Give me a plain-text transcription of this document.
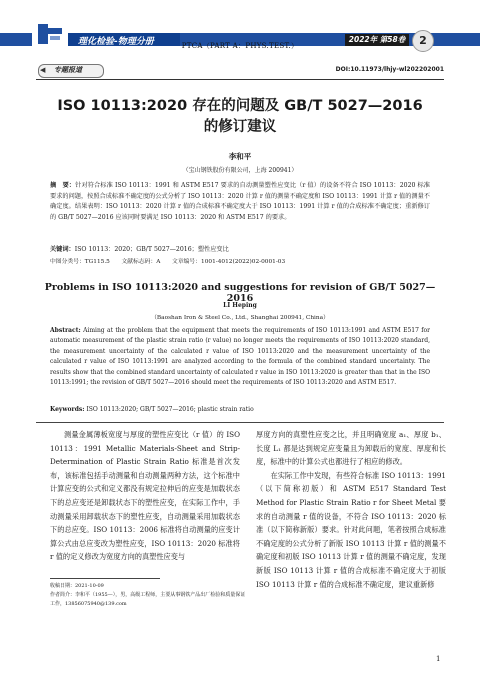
理化检验-物理分册	PTCA（PART A：PHYS.TEST.）
2022年 第58卷	2
◀ 专题报道	DOI:10.11973/lhjy-wl202202001
ISO 10113:2020 存在的问题及 GB/T 5027—2016
的修订建议
李和平
（宝山钢铁股份有限公司，上海 200941）
摘　要：针对符合标准 ISO 10113：1991 和 ASTM E517 要求的自动测量塑性应变比（r 值）的设备不符合 ISO 10113：2020 标准要求的问题，按照合成标准不确定度的公式分析了 ISO 10113：2020 计算 r 值的测量不确定度和 ISO 10113：1991 计算 r 值的测量不确定度。结果表明：ISO 10113：2020 计算 r 值的合成标准不确定度大于 ISO 10113：1991 计算 r 值的合成标准不确定度；重新修订的 GB/T 5027—2016 应该同时要满足 ISO 10113：2020 和 ASTM E517 的要求。
关键词：ISO 10113：2020；GB/T 5027—2016；塑性应变比
中图分类号：TG115.5　　文献标志码：A　　文章编号：1001-4012(2022)02-0001-03
Problems in ISO 10113:2020 and suggestions for revision of GB/T 5027—2016
LI Heping
（Baoshan Iron & Steel Co., Ltd., Shanghai 200941, China）
Abstract: Aiming at the problem that the equipment that meets the requirements of ISO 10113:1991 and ASTM E517 for automatic measurement of the plastic strain ratio (r value) no longer meets the requirements of ISO 10113:2020 standard, the measurement uncertainty of the calculated r value of ISO 10113:2020 and the measurement uncertainty of the calculated r value of ISO 10113:1991 are analyzed according to the formula of the combined standard uncertainty. The results show that the combined standard uncertainty of calculated r value in ISO 10113:2020 is greater than that in the ISO 10113:1991; the revision of GB/T 5027—2016 should meet the requirements of ISO 10113:2020 and ASTM E517.
Keywords: ISO 10113:2020; GB/T 5027—2016; plastic strain ratio
测量金属薄板宽度与厚度的塑性应变比（r 值）的 ISO 10113：1991 Metallic Materials-Sheet and Strip-Determination of Plastic Strain Ratio 标准是首次发布，该标准包括手动测量和自动测量两种方法，这个标准中计算应变的公式和定义都没有规定拉伸后的应变是加载状态下的总应变还是卸载状态下的塑性应变，在实际工作中，手动测量采用卸载状态下的塑性应变，自动测量采用加载状态下的总应变。ISO 10113：2006 标准将自动测量的应变计算公式由总应变改为塑性应变，ISO 10113：2020 标准将 r 值的定义修改为宽度方向的真塑性应变与
厚度方向的真塑性应变之比，并且明确宽度 a₁、厚度 b₁、长度 L₁ 都是达到规定应变量且为卸载后的宽度、厚度和长度，标准中的计算公式也都进行了相应的修改。
　　在实际工作中发现，有些符合标准 ISO 10113：1991（以下简称初版）和 ASTM E517 Standard Test Method for Plastic Strain Ratio r for Sheet Metal 要求的自动测量 r 值的设备，不符合 ISO 10113：2020 标准（以下简称新版）要求。针对此问题，笔者按照合成标准不确定度的公式分析了新版 ISO 10113 计算 r 值的测量不确定度和初版 ISO 10113 计算 r 值的测量不确定度，发现新版 ISO 10113 计算 r 值的合成标准不确定度大于初版 ISO 10113 计算 r 值的合成标准不确定度，建议重新修
收稿日期：2021-10-09
作者简介：李和平（1955—），男，高级工程师，主要从事钢铁产品出厂检验和质量保证工作，13856075940@139.com
1
